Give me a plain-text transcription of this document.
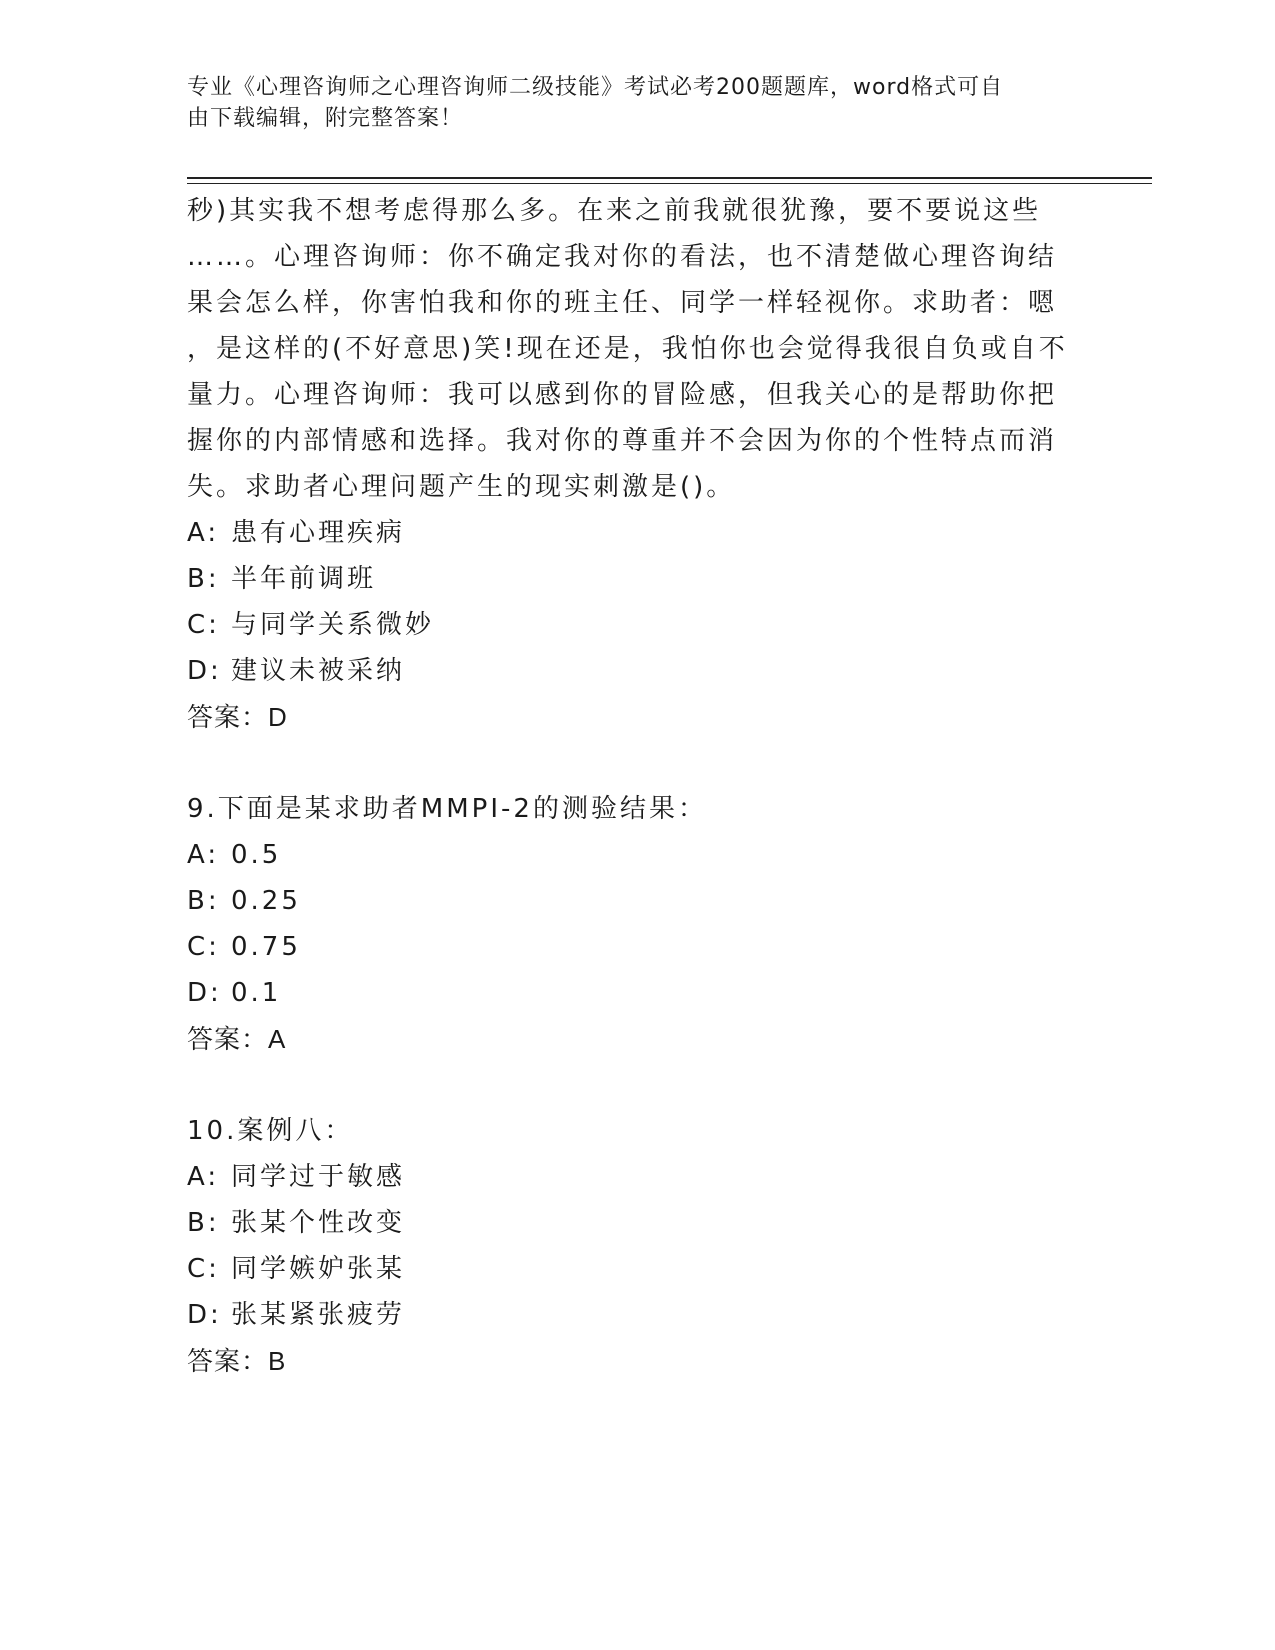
专业《心理咨询师之心理咨询师二级技能》考试必考200题题库，word格式可自
由下载编辑，附完整答案！
秒)其实我不想考虑得那么多。在来之前我就很犹豫，要不要说这些
……。心理咨询师：你不确定我对你的看法，也不清楚做心理咨询结
果会怎么样，你害怕我和你的班主任、同学一样轻视你。求助者：嗯
，是这样的(不好意思)笑!现在还是，我怕你也会觉得我很自负或自不
量力。心理咨询师：我可以感到你的冒险感，但我关心的是帮助你把
握你的内部情感和选择。我对你的尊重并不会因为你的个性特点而消
失。求助者心理问题产生的现实刺激是()。
A: 患有心理疾病
B: 半年前调班
C: 与同学关系微妙
D: 建议未被采纳
答案：D
9.下面是某求助者MMPI-2的测验结果：
A: 0.5
B: 0.25
C: 0.75
D: 0.1
答案：A
10.案例八：
A: 同学过于敏感
B: 张某个性改变
C: 同学嫉妒张某
D: 张某紧张疲劳
答案：B
